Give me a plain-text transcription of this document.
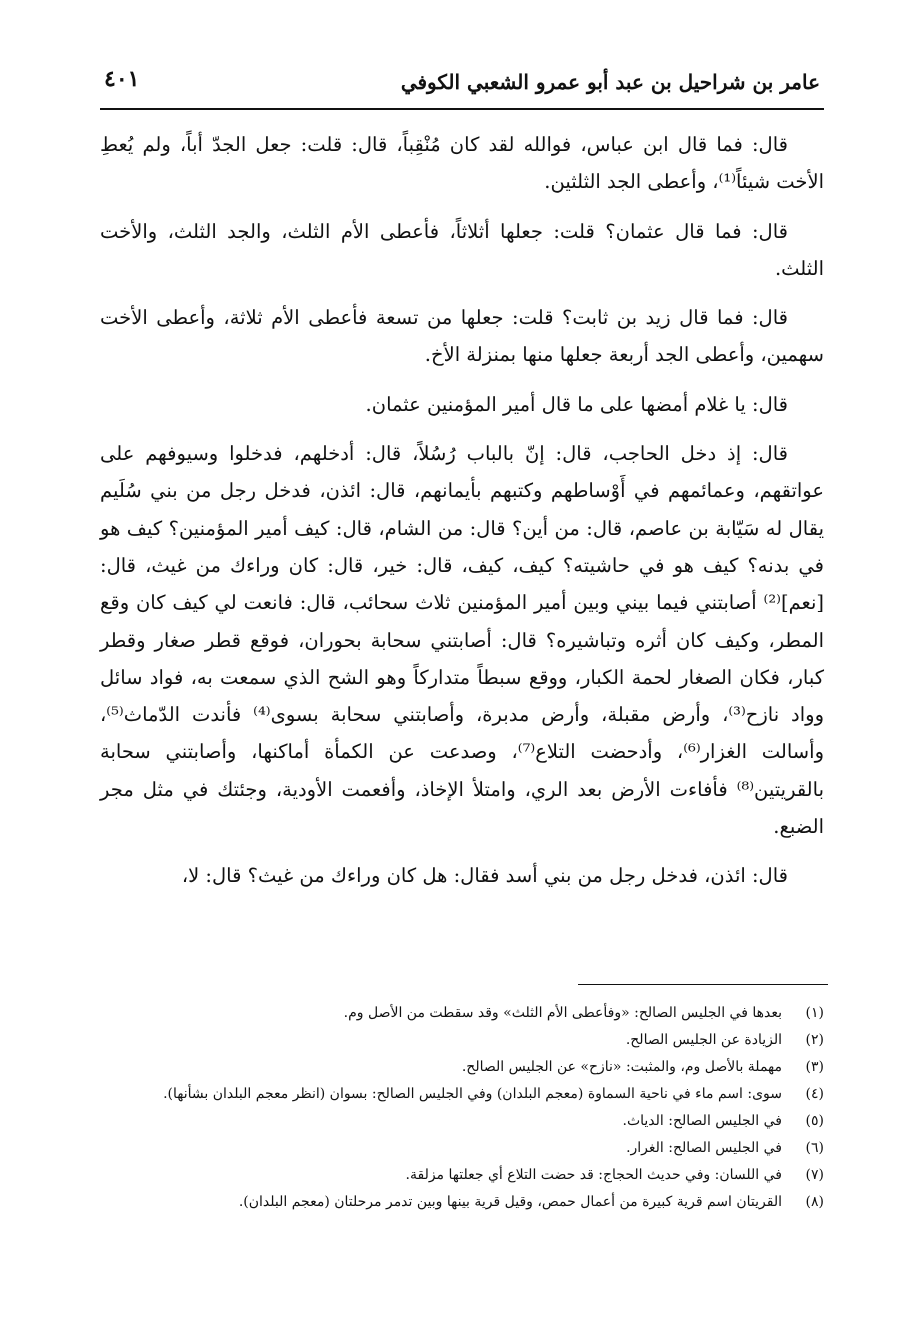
٤٠١	عامر بن شراحيل بن عبد أبو عمرو الشعبي الكوفي

قال: فما قال ابن عباس، فوالله لقد كان مُنْقِباً، قال: قلت: جعل الجدّ أباً، ولم يُعطِ الأخت شيئاً⁽¹⁾، وأعطى الجد الثلثين.

قال: فما قال عثمان؟ قلت: جعلها أثلاثاً، فأعطى الأم الثلث، والجد الثلث، والأخت الثلث.

قال: فما قال زيد بن ثابت؟ قلت: جعلها من تسعة فأعطى الأم ثلاثة، وأعطى الأخت سهمين، وأعطى الجد أربعة جعلها منها بمنزلة الأخ.

قال: يا غلام أمضها على ما قال أمير المؤمنين عثمان.

قال: إذ دخل الحاجب، قال: إنّ بالباب رُسُلاً، قال: أدخلهم، فدخلوا وسيوفهم على عواتقهم، وعمائمهم في أَوْساطهم وكتبهم بأيمانهم، قال: ائذن، فدخل رجل من بني سُلَيم يقال له سَيّابة بن عاصم، قال: من أين؟ قال: من الشام، قال: كيف أمير المؤمنين؟ كيف هو في بدنه؟ كيف هو في حاشيته؟ كيف، كيف، قال: خير، قال: كان وراءك من غيث، قال: [نعم]⁽²⁾ أصابتني فيما بيني وبين أمير المؤمنين ثلاث سحائب، قال: فانعت لي كيف كان وقع المطر، وكيف كان أثره وتباشيره؟ قال: أصابتني سحابة بحوران، فوقع قطر صغار وقطر كبار، فكان الصغار لحمة الكبار، ووقع سبطاً متداركاً وهو الشح الذي سمعت به، فواد سائل وواد نازح⁽³⁾، وأرض مقبلة، وأرض مدبرة، وأصابتني سحابة بسوى⁽⁴⁾ فأندت الدّماث⁽⁵⁾، وأسالت الغزار⁽⁶⁾، وأدحضت التلاع⁽⁷⁾، وصدعت عن الكمأة أماكنها، وأصابتني سحابة بالقريتين⁽⁸⁾ فأفاءت الأرض بعد الري، وامتلأ الإخاذ، وأفعمت الأودية، وجئتك في مثل مجر الضبع.

قال: ائذن، فدخل رجل من بني أسد فقال: هل كان وراءك من غيث؟ قال: لا،

(١)
بعدها في الجليس الصالح: «وفأعطى الأم الثلث» وقد سقطت من الأصل وم.
(٢)
الزيادة عن الجليس الصالح.
(٣)
مهملة بالأصل وم، والمثبت: «نازح» عن الجليس الصالح.
(٤)
سوى: اسم ماء في ناحية السماوة (معجم البلدان) وفي الجليس الصالح: بسوان (انظر معجم البلدان بشأنها).
(٥)
في الجليس الصالح: الدياث.
(٦)
في الجليس الصالح: الغرار.
(٧)
في اللسان: وفي حديث الحجاج: قد حضت التلاع أي جعلتها مزلقة.
(٨)
القريتان اسم قرية كبيرة من أعمال حمص، وقيل قرية بينها وبين تدمر مرحلتان (معجم البلدان).
